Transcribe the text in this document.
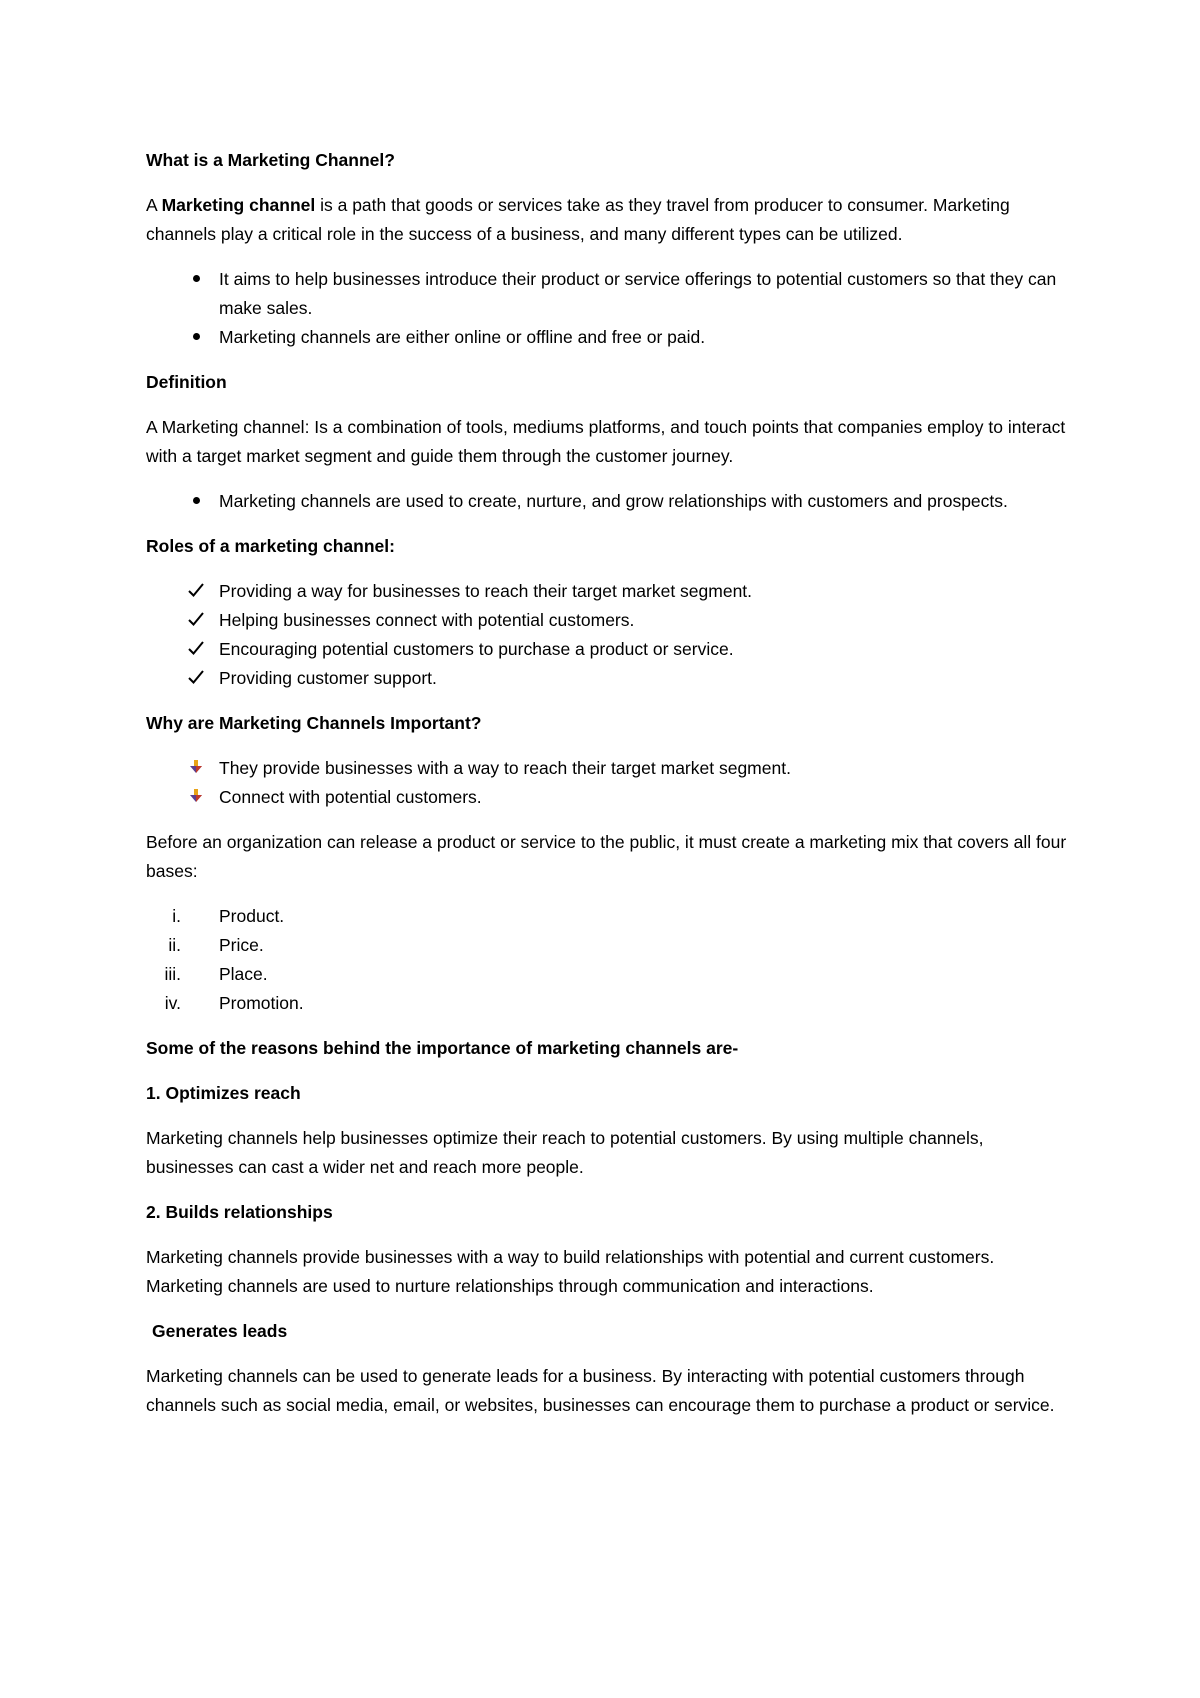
What is a Marketing Channel?

A Marketing channel is a path that goods or services take as they travel from producer to consumer. Marketing channels play a critical role in the success of a business, and many different types can be utilized.

It aims to help businesses introduce their product or service offerings to potential customers so that they can make sales.
Marketing channels are either online or offline and free or paid.

Definition

A Marketing channel: Is a combination of tools, mediums platforms, and touch points that companies employ to interact with a target market segment and guide them through the customer journey.

Marketing channels are used to create, nurture, and grow relationships with customers and prospects.

Roles of a marketing channel:

Providing a way for businesses to reach their target market segment.
Helping businesses connect with potential customers.
Encouraging potential customers to purchase a product or service.
Providing customer support.

Why are Marketing Channels Important?

They provide businesses with a way to reach their target market segment.
Connect with potential customers.

Before an organization can release a product or service to the public, it must create a marketing mix that covers all four bases:

i. Product.
ii. Price.
iii. Place.
iv. Promotion.

Some of the reasons behind the importance of marketing channels are-

1. Optimizes reach

Marketing channels help businesses optimize their reach to potential customers. By using multiple channels, businesses can cast a wider net and reach more people.

2. Builds relationships

Marketing channels provide businesses with a way to build relationships with potential and current customers. Marketing channels are used to nurture relationships through communication and interactions.

Generates leads

Marketing channels can be used to generate leads for a business. By interacting with potential customers through channels such as social media, email, or websites, businesses can encourage them to purchase a product or service.
